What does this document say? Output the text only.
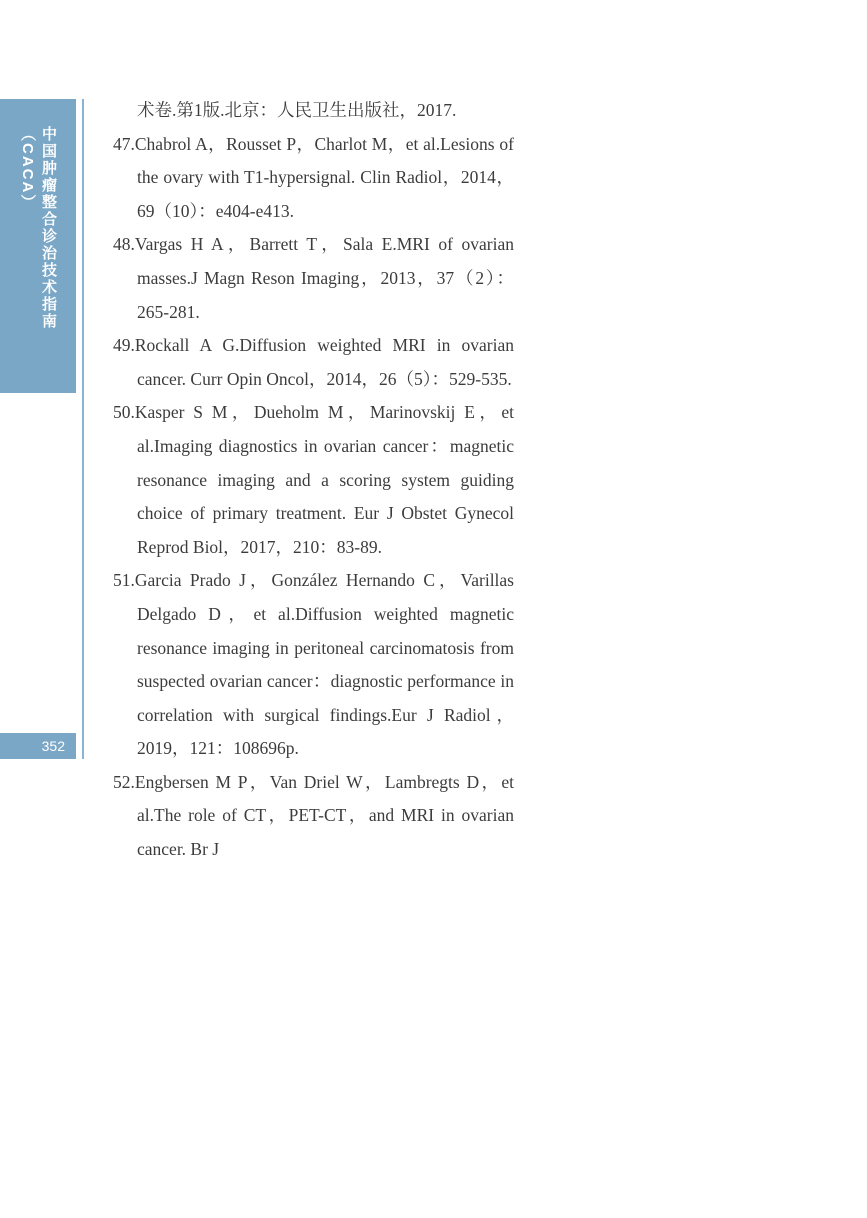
中国肿瘤整合诊治技术指南（CACA）
352

术卷.第1版.北京：人民卫生出版社，2017.

47.Chabrol A，Rousset P，Charlot M，et al.Lesions of the ovary with T1-hypersignal. Clin Radiol，2014，69（10）：e404-e413.

48.Vargas H A，Barrett T，Sala E.MRI of ovarian masses.J Magn Reson Imaging，2013，37（2）：265-281.

49.Rockall A G.Diffusion weighted MRI in ovarian cancer. Curr Opin Oncol，2014，26（5）：529-535.

50.Kasper S M，Dueholm M，Marinovskij E，et al.Imaging diagnostics in ovarian cancer：magnetic resonance imaging and a scoring system guiding choice of primary treatment. Eur J Obstet Gynecol Reprod Biol，2017，210：83-89.

51.Garcia Prado J，González Hernando C，Varillas Delgado D，et al.Diffusion weighted magnetic resonance imaging in peritoneal carcinomatosis from suspected ovarian cancer：diagnostic performance in correlation with surgical findings.Eur J Radiol，2019，121：108696p.

52.Engbersen M P，Van Driel W，Lambregts D，et al.The role of CT，PET-CT，and MRI in ovarian cancer. Br J
